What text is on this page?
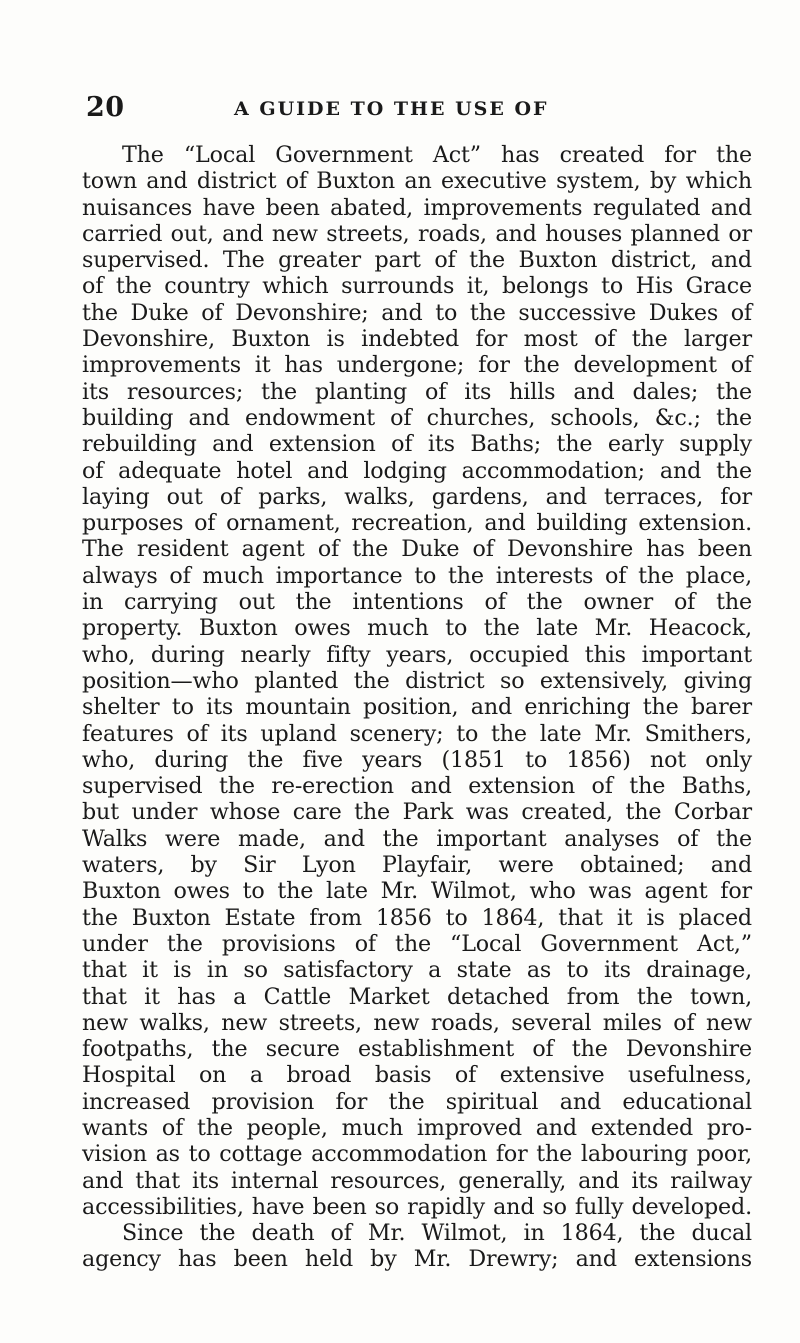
20	A GUIDE TO THE USE OF
The “Local Government Act” has created for the
town and district of Buxton an executive system, by which
nuisances have been abated, improvements regulated and
carried out, and new streets, roads, and houses planned or
supervised. The greater part of the Buxton district, and
of the country which surrounds it, belongs to His Grace
the Duke of Devonshire; and to the successive Dukes of
Devonshire, Buxton is indebted for most of the larger
improvements it has undergone; for the development of
its resources; the planting of its hills and dales; the
building and endowment of churches, schools, &c.; the
rebuilding and extension of its Baths; the early supply
of adequate hotel and lodging accommodation; and the
laying out of parks, walks, gardens, and terraces, for
purposes of ornament, recreation, and building extension.
The resident agent of the Duke of Devonshire has been
always of much importance to the interests of the place,
in carrying out the intentions of the owner of the
property. Buxton owes much to the late Mr. Heacock,
who, during nearly fifty years, occupied this important
position—who planted the district so extensively, giving
shelter to its mountain position, and enriching the barer
features of its upland scenery; to the late Mr. Smithers,
who, during the five years (1851 to 1856) not only
supervised the re-erection and extension of the Baths,
but under whose care the Park was created, the Corbar
Walks were made, and the important analyses of the
waters, by Sir Lyon Playfair, were obtained; and
Buxton owes to the late Mr. Wilmot, who was agent for
the Buxton Estate from 1856 to 1864, that it is placed
under the provisions of the “Local Government Act,”
that it is in so satisfactory a state as to its drainage,
that it has a Cattle Market detached from the town,
new walks, new streets, new roads, several miles of new
footpaths, the secure establishment of the Devonshire
Hospital on a broad basis of extensive usefulness,
increased provision for the spiritual and educational
wants of the people, much improved and extended pro-
vision as to cottage accommodation for the labouring poor,
and that its internal resources, generally, and its railway
accessibilities, have been so rapidly and so fully developed.
Since the death of Mr. Wilmot, in 1864, the ducal
agency has been held by Mr. Drewry; and extensions
